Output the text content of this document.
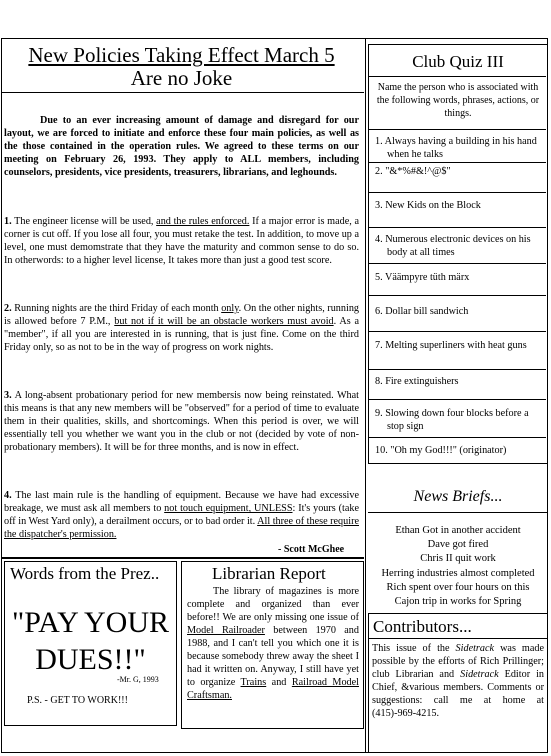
New Policies Taking Effect March 5
Are no Joke
Due to an ever increasing amount of damage and disregard for our layout, we are forced to initiate and enforce these four main policies, as well as the those contained in the operation rules. We agreed to these terms on our meeting on February 26, 1993. They apply to ALL members, including counselors, presidents, vice presidents, treasurers, librarians, and leghounds.
1. The engineer license will be used, and the rules enforced. If a major error is made, a corner is cut off. If you lose all four, you must retake the test. In addition, to move up a level, one must demomstrate that they have the maturity and common sense to do so. In otherwords: to a higher level license, It takes more than just a good test score.
2. Running nights are the third Friday of each month only. On the other nights, running is allowed before 7 P.M., but not if it will be an obstacle workers must avoid. As a "member", if all you are interested in is running, that is just fine. Come on the third Friday only, so as not to be in the way of progress on work nights.
3. A long-absent probationary period for new membersis now being reinstated. What this means is that any new members will be "observed" for a period of time to evaluate them in their qualities, skills, and shortcomings. When this period is over, we will essentially tell you whether we want you in the club or not (decided by vote of non-probationary members). It will be for three months, and is now in effect.
4. The last main rule is the handling of equipment. Because we have had excessive breakage, we must ask all members to not touch equipment, UNLESS: It's yours (take off in West Yard only), a derailment occurs, or to bad order it. All three of these require the dispatcher's permission.
- Scott McGhee
Club Quiz III
Name the person who is associated with the following words, phrases, actions, or things.
1. Always having a building in his hand when he talks
2. "&*%#&!^@$"
3. New Kids on the Block
4. Numerous electronic devices on his body at all times
5. Väämpyre tüth märx
6. Dollar bill sandwich
7. Melting superliners with heat guns
8. Fire extinguishers
9. Slowing down four blocks before a stop sign
10. "Oh my God!!!" (originator)
News Briefs...
Ethan Got in another accident
Dave got fired
Chris II quit work
Herring industries almost completed
Rich spent over four hours on this
Cajon trip in works for Spring
Words from the Prez..
"PAY YOUR
DUES!!"
-Mr. G, 1993
P.S. - GET TO WORK!!!
Librarian Report
The library of magazines is more complete and organized than ever before!! We are only missing one issue of Model Railroader between 1970 and 1988, and I can't tell you which one it is because somebody threw away the sheet I had it written on. Anyway, I still have yet to organize Trains and Railroad Model Craftsman.
Contributors...
This issue of the Sidetrack was made possible by the efforts of Rich Prillinger; club Librarian and Sidetrack Editor in Chief, &various members. Comments or suggestions: call me at home at (415)-969-4215.
